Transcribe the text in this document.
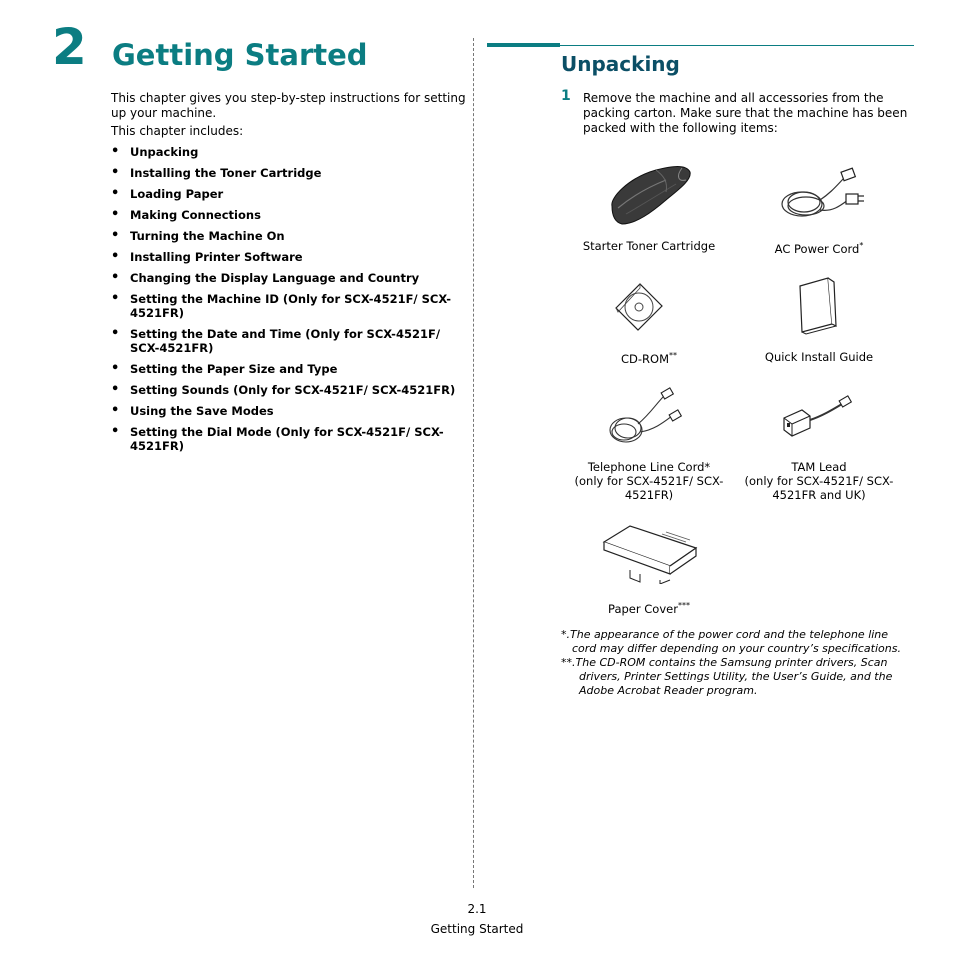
2 Getting Started
This chapter gives you step-by-step instructions for setting up your machine.
This chapter includes:
• Unpacking
• Installing the Toner Cartridge
• Loading Paper
• Making Connections
• Turning the Machine On
• Installing Printer Software
• Changing the Display Language and Country
• Setting the Machine ID (Only for SCX-4521F/ SCX-4521FR)
• Setting the Date and Time (Only for SCX-4521F/ SCX-4521FR)
• Setting the Paper Size and Type
• Setting Sounds (Only for SCX-4521F/ SCX-4521FR)
• Using the Save Modes
• Setting the Dial Mode (Only for SCX-4521F/ SCX-4521FR)
Unpacking
1 Remove the machine and all accessories from the packing carton. Make sure that the machine has been packed with the following items:
Starter Toner Cartridge	AC Power Cord*
CD-ROM**	Quick Install Guide
Telephone Line Cord*
(only for SCX-4521F/ SCX-
4521FR)
TAM Lead
(only for SCX-4521F/ SCX-
4521FR and UK)
Paper Cover***
*.The appearance of the power cord and the telephone line cord may differ depending on your country’s specifications.
**.The CD-ROM contains the Samsung printer drivers, Scan drivers, Printer Settings Utility, the User’s Guide, and the Adobe Acrobat Reader program.
2.1
Getting Started
